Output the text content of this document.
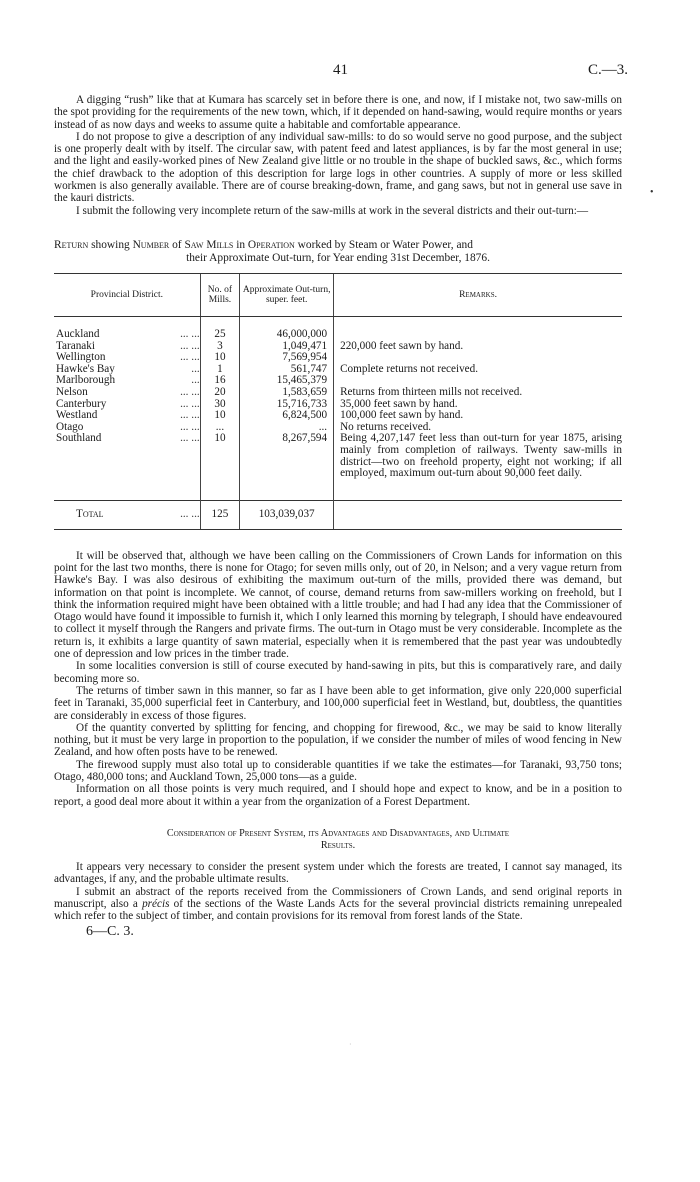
41	C.—3.
•

A digging “rush” like that at Kumara has scarcely set in before there is one, and now, if I mistake not, two saw-mills on the spot providing for the requirements of the new town, which, if it depended on hand-sawing, would require months or years instead of as now days and weeks to assume quite a habitable and comfortable appearance.

I do not propose to give a description of any individual saw-mills: to do so would serve no good purpose, and the subject is one properly dealt with by itself. The circular saw, with patent feed and latest appliances, is by far the most general in use; and the light and easily-worked pines of New Zealand give little or no trouble in the shape of buckled saws, &c., which forms the chief drawback to the adoption of this description for large logs in other countries. A supply of more or less skilled workmen is also generally available. There are of course breaking-down, frame, and gang saws, but not in general use save in the kauri districts.

I submit the following very incomplete return of the saw-mills at work in the several districts and their out-turn:—

Return showing Number of Saw Mills in Operation worked by Steam or Water Power, and
their Approximate Out-turn, for Year ending 31st December, 1876.

Provincial District.	No. of Mills.	Approximate Out-turn, super. feet.	Remarks.

Auckland ... ...	25	46,000,000	

Taranaki ... ...	3	1,049,471	220,000 feet sawn by hand.

Wellington ... ...	10	7,569,954	

Hawke's Bay ...	1	561,747	Complete returns not received.

Marlborough ...	16	15,465,379	

Nelson ... ...	20	1,583,659	Returns from thirteen mills not received.

Canterbury ... ...	30	15,716,733	35,000 feet sawn by hand.

Westland ... ...	10	6,824,500	100,000 feet sawn by hand.

Otago ... ...	...	...	No returns received.

Southland ... ...	10	8,267,594	Being 4,207,147 feet less than out-turn for year 1875, arising mainly from completion of railways. Twenty saw-mills in district—two on freehold property, eight not working; if all employed, maximum out-turn about 90,000 feet daily.

Total ... ...	125	103,039,037	

It will be observed that, although we have been calling on the Commissioners of Crown Lands for information on this point for the last two months, there is none for Otago; for seven mills only, out of 20, in Nelson; and a very vague return from Hawke's Bay. I was also desirous of exhibiting the maximum out-turn of the mills, provided there was demand, but information on that point is incomplete. We cannot, of course, demand returns from saw-millers working on freehold, but I think the information required might have been obtained with a little trouble; and had I had any idea that the Commissioner of Otago would have found it impossible to furnish it, which I only learned this morning by telegraph, I should have endeavoured to collect it myself through the Rangers and private firms. The out-turn in Otago must be very considerable. Incomplete as the return is, it exhibits a large quantity of sawn material, especially when it is remembered that the past year was undoubtedly one of depression and low prices in the timber trade.

In some localities conversion is still of course executed by hand-sawing in pits, but this is comparatively rare, and daily becoming more so.

The returns of timber sawn in this manner, so far as I have been able to get information, give only 220,000 superficial feet in Taranaki, 35,000 superficial feet in Canterbury, and 100,000 superficial feet in Westland, but, doubtless, the quantities are considerably in excess of those figures.

Of the quantity converted by splitting for fencing, and chopping for firewood, &c., we may be said to know literally nothing, but it must be very large in proportion to the population, if we consider the number of miles of wood fencing in New Zealand, and how often posts have to be renewed.

The firewood supply must also total up to considerable quantities if we take the estimates—for Taranaki, 93,750 tons; Otago, 480,000 tons; and Auckland Town, 25,000 tons—as a guide.

Information on all those points is very much required, and I should hope and expect to know, and be in a position to report, a good deal more about it within a year from the organization of a Forest Department.

Consideration of Present System, its Advantages and Disadvantages, and Ultimate
Results.

It appears very necessary to consider the present system under which the forests are treated, I cannot say managed, its advantages, if any, and the probable ultimate results.

I submit an abstract of the reports received from the Commissioners of Crown Lands, and send original reports in manuscript, also a précis of the sections of the Waste Lands Acts for the several provincial districts remaining unrepealed which refer to the subject of timber, and contain provisions for its removal from forest lands of the State.

6—C. 3.

·
